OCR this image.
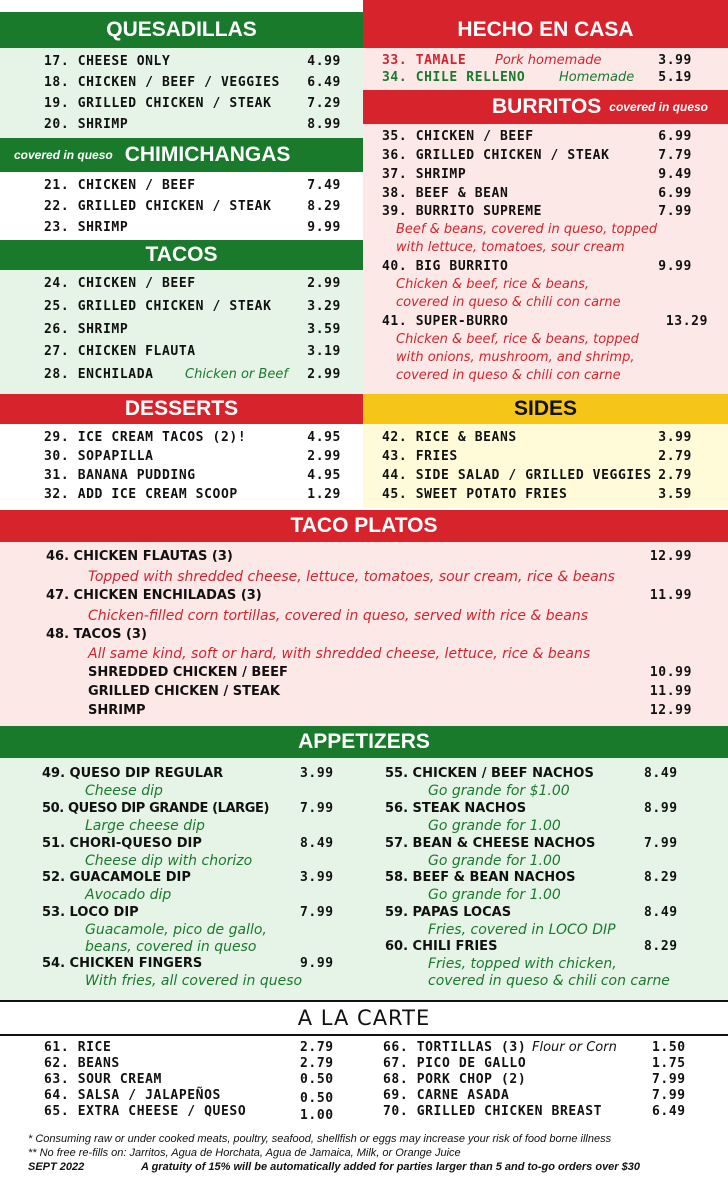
QUESADILLAS
17. CHEESE ONLY	4.99
18. CHICKEN / BEEF / VEGGIES 6.49
19. GRILLED CHICKEN / STEAK	7.29
20. SHRIMP	8.99
HECHO EN CASA
33. TAMALE Pork homemade	3.99
34. CHILE RELLENO	Homemade 5.19
covered in queso CHIMICHANGAS
21. CHICKEN / BEEF	7.49
22. GRILLED CHICKEN / STEAK	8.29
23. SHRIMP	9.99
BURRITOS covered in queso
35. CHICKEN / BEEF	6.99
36. GRILLED CHICKEN / STEAK	7.79
37. SHRIMP	9.49
38. BEEF & BEAN	6.99
39. BURRITO SUPREME	7.99
Beef & beans, covered in queso, topped
with lettuce, tomatoes, sour cream
40. BIG BURRITO	9.99
Chicken & beef, rice & beans,
covered in queso & chili con carne
41. SUPER-BURRO	13.29
Chicken & beef, rice & beans, topped
with onions, mushroom, and shrimp,
covered in queso & chili con carne
TACOS
24. CHICKEN / BEEF	2.99
25. GRILLED CHICKEN / STEAK	3.29
26. SHRIMP	3.59
27. CHICKEN FLAUTA	3.19
28. ENCHILADA Chicken or Beef 2.99
DESSERTS
29. ICE CREAM TACOS (2)!	4.95
30. SOPAPILLA	2.99
31. BANANA PUDDING	4.95
32. ADD ICE CREAM SCOOP	1.29
SIDES
42. RICE & BEANS	3.99
43. FRIES	2.79
44. SIDE SALAD / GRILLED VEGGIES 2.79
45. SWEET POTATO FRIES	3.59
TACO PLATOS
46. CHICKEN FLAUTAS (3)	12.99
Topped with shredded cheese, lettuce, tomatoes, sour cream, rice & beans
47. CHICKEN ENCHILADAS (3)	11.99
Chicken-filled corn tortillas, covered in queso, served with rice & beans
48. TACOS (3)
All same kind, soft or hard, with shredded cheese, lettuce, rice & beans
SHREDDED CHICKEN / BEEF	10.99
GRILLED CHICKEN / STEAK	11.99
SHRIMP	12.99
APPETIZERS
49. QUESO DIP REGULAR	3.99
Cheese dip
50. QUESO DIP GRANDE (LARGE) 7.99
Large cheese dip
51. CHORI-QUESO DIP	8.49
Cheese dip with chorizo
52. GUACAMOLE DIP	3.99
Avocado dip
53. LOCO DIP	7.99
Guacamole, pico de gallo,
beans, covered in queso
54. CHICKEN FINGERS	9.99
With fries, all covered in queso
55. CHICKEN / BEEF NACHOS	8.49
Go grande for $1.00
56. STEAK NACHOS	8.99
Go grande for 1.00
57. BEAN & CHEESE NACHOS	7.99
Go grande for 1.00
58. BEEF & BEAN NACHOS	8.29
Go grande for 1.00
59. PAPAS LOCAS	8.49
Fries, covered in LOCO DIP
60. CHILI FRIES	8.29
Fries, topped with chicken,
covered in queso & chili con carne
A LA CARTE
61. RICE	2.79
62. BEANS	2.79
63. SOUR CREAM	0.50
64. SALSA / JALAPEÑOS	0.50
65. EXTRA CHEESE / QUESO	1.00
66. TORTILLAS (3) Flour or Corn	1.50
67. PICO DE GALLO	1.75
68. PORK CHOP (2)	7.99
69. CARNE ASADA	7.99
70. GRILLED CHICKEN BREAST	6.49
* Consuming raw or under cooked meats, poultry, seafood, shellfish or eggs may increase your risk of food borne illness
** No free re-fills on: Jarritos, Agua de Horchata, Agua de Jamaica, Milk, or Orange Juice
SEPT 2022	A gratuity of 15% will be automatically added for parties larger than 5 and to-go orders over $30
